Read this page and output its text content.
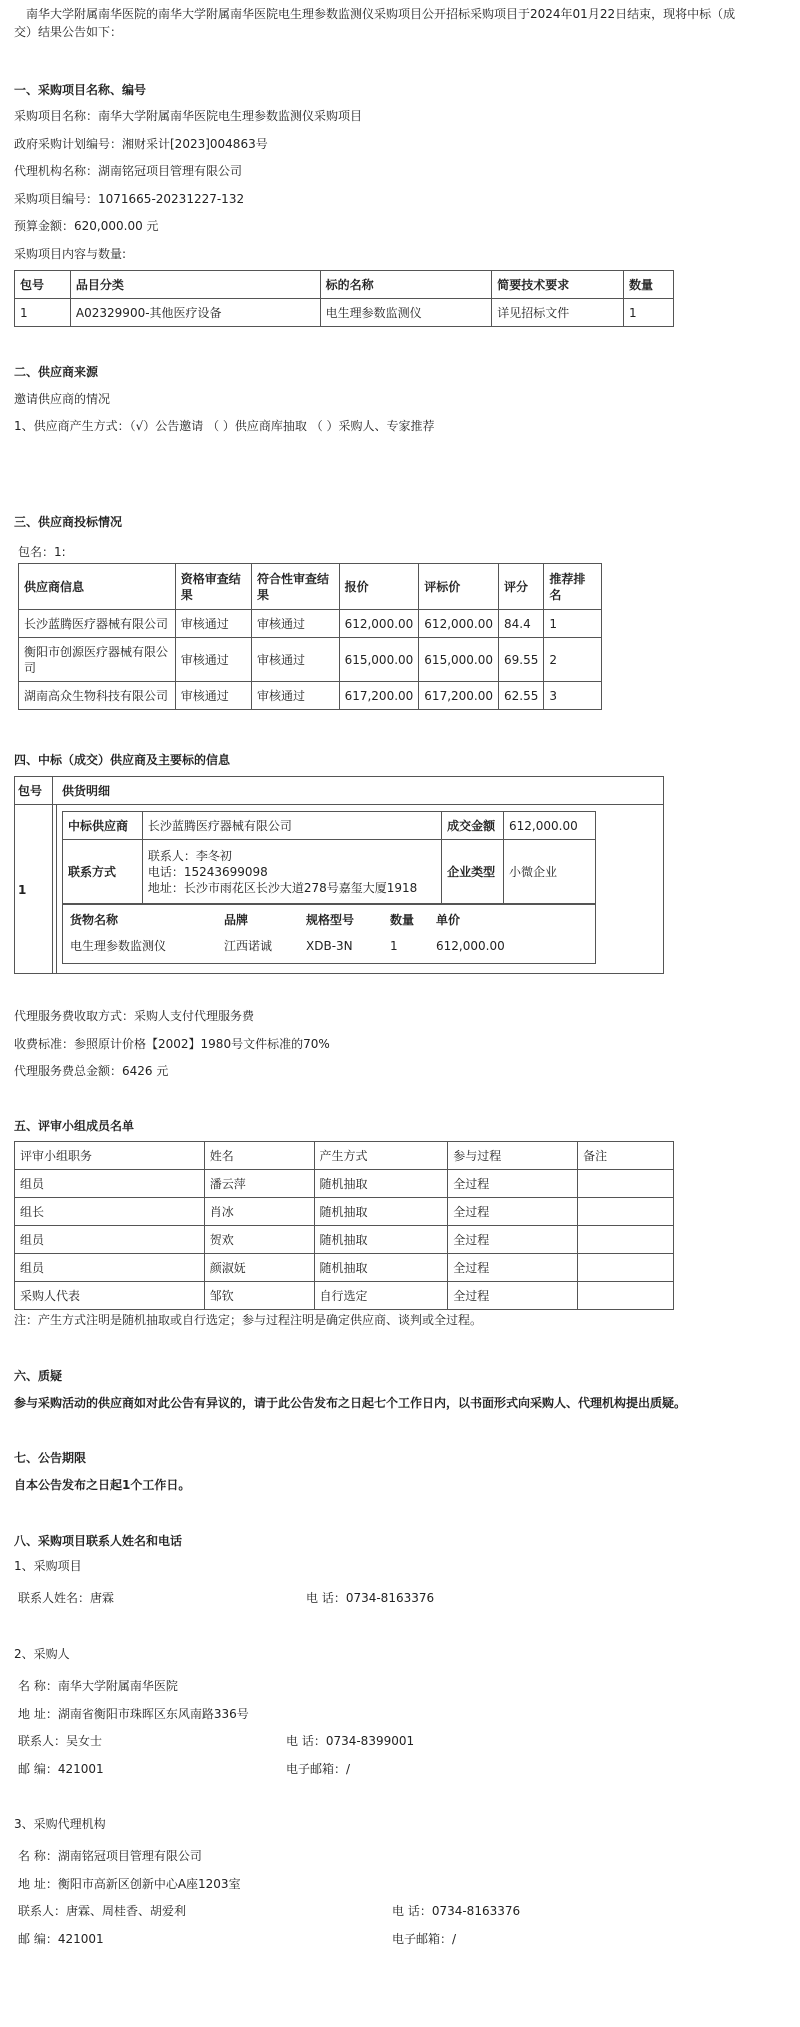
南华大学附属南华医院的南华大学附属南华医院电生理参数监测仪采购项目公开招标采购项目于2024年01月22日结束，现将中标（成
交）结果公告如下：
一、采购项目名称、编号
采购项目名称：南华大学附属南华医院电生理参数监测仪采购项目
政府采购计划编号：湘财采计[2023]004863号
代理机构名称：湖南铭冠项目管理有限公司
采购项目编号：1071665-20231227-132
预算金额：620,000.00 元
采购项目内容与数量:
包号	品目分类	标的名称	简要技术要求	数量
1	A02329900-其他医疗设备	电生理参数监测仪	详见招标文件	1
二、供应商来源
邀请供应商的情况
1、供应商产生方式：（√）公告邀请 （ ）供应商库抽取 （ ）采购人、专家推荐
三、供应商投标情况
包名：1:
供应商信息	资格审查结果	符合性审查结果	报价	评标价	评分	推荐排名
长沙蓝腾医疗器械有限公司	审核通过	审核通过	612,000.00	612,000.00	84.4	1
衡阳市创源医疗器械有限公司	审核通过	审核通过	615,000.00	615,000.00	69.55	2
湖南高众生物科技有限公司	审核通过	审核通过	617,200.00	617,200.00	62.55	3
四、中标（成交）供应商及主要标的信息
包号 供货明细
1
中标供应商	长沙蓝腾医疗器械有限公司	成交金额	612,000.00
联系方式	联系人：李冬初
电话：15243699098
地址：长沙市雨花区长沙大道278号嘉玺大厦1918	企业类型	小微企业
货物名称	品牌	规格型号	数量 单价
电生理参数监测仪	江西诺诚	XDB-3N	1	612,000.00
代理服务费收取方式：采购人支付代理服务费
收费标准：参照原计价格【2002】1980号文件标准的70%
代理服务费总金额：6426 元
五、评审小组成员名单
评审小组职务	姓名	产生方式	参与过程	备注
组员	潘云萍	随机抽取	全过程	
组长	肖冰	随机抽取	全过程	
组员	贺欢	随机抽取	全过程	
组员	颜淑妩	随机抽取	全过程	
采购人代表	邹钦	自行选定	全过程	
注：产生方式注明是随机抽取或自行选定；参与过程注明是确定供应商、谈判或全过程。
六、质疑
参与采购活动的供应商如对此公告有异议的，请于此公告发布之日起七个工作日内，以书面形式向采购人、代理机构提出质疑。
七、公告期限
自本公告发布之日起1个工作日。
八、采购项目联系人姓名和电话
1、采购项目
联系人姓名：唐霖	电 话：0734-8163376
2、采购人
名 称：南华大学附属南华医院
地 址：湖南省衡阳市珠晖区东风南路336号
联系人：吴女士	电 话：0734-8399001
邮 编：421001	电子邮箱：/
3、采购代理机构
名 称：湖南铭冠项目管理有限公司
地 址：衡阳市高新区创新中心A座1203室
联系人：唐霖、周桂香、胡爱利	电 话：0734-8163376
邮 编：421001	电子邮箱：/
